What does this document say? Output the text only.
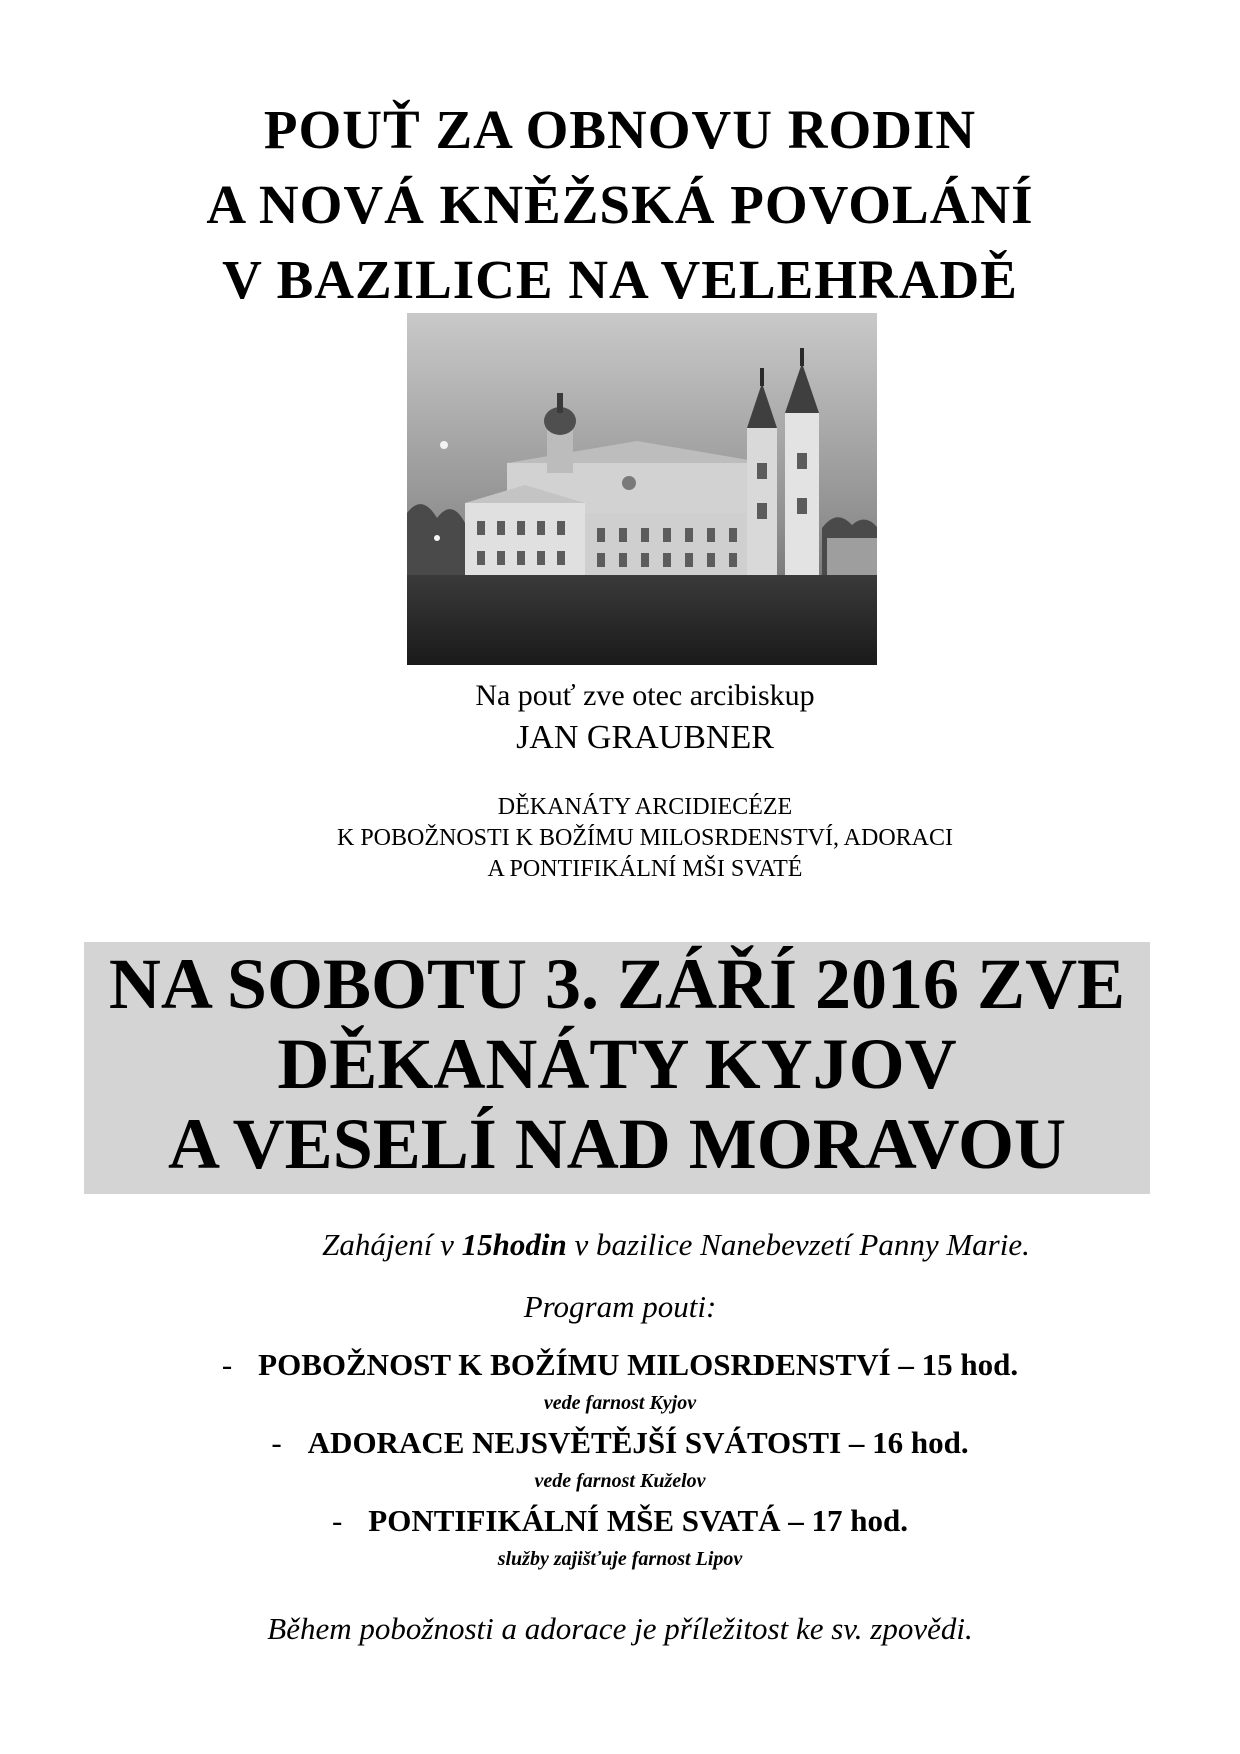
POUŤ ZA OBNOVU RODIN
A NOVÁ KNĚŽSKÁ POVOLÁNÍ
V BAZILICE NA VELEHRADĚ
Na pouť zve otec arcibiskup
JAN GRAUBNER
DĚKANÁTY ARCIDIECÉZE
K POBOŽNOSTI K BOŽÍMU MILOSRDENSTVÍ, ADORACI
A PONTIFIKÁLNÍ MŠI SVATÉ
NA SOBOTU 3. ZÁŘÍ 2016 ZVE
DĚKANÁTY KYJOV
A VESELÍ NAD MORAVOU
Zahájení v 15hodin v bazilice Nanebevzetí Panny Marie.
Program pouti:
- POBOŽNOST K BOŽÍMU MILOSRDENSTVÍ – 15 hod.
vede farnost Kyjov
- ADORACE NEJSVĚTĚJŠÍ SVÁTOSTI – 16 hod.
vede farnost Kuželov
- PONTIFIKÁLNÍ MŠE SVATÁ – 17 hod.
služby zajišťuje farnost Lipov
Během pobožnosti a adorace je příležitost ke sv. zpovědi.
